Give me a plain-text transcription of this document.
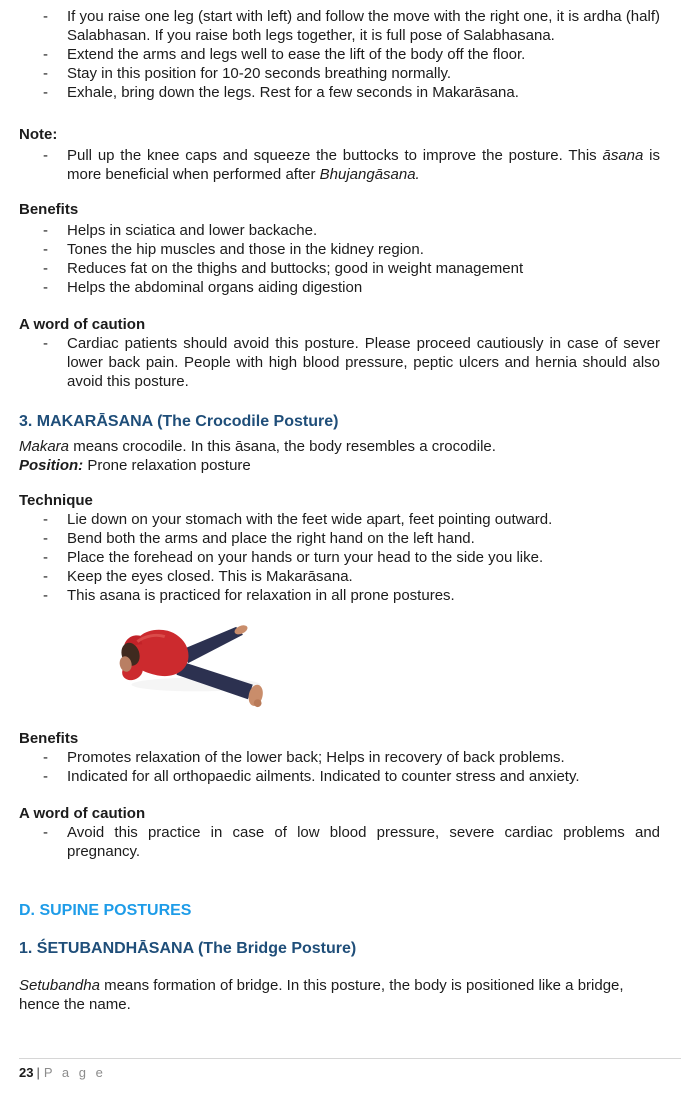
- If you raise one leg (start with left) and follow the move with the right one, it is ardha (half) Salabhasan. If you raise both legs together, it is full pose of Salabhasana.
- Extend the arms and legs well to ease the lift of the body off the floor.
- Stay in this position for 10-20 seconds breathing normally.
- Exhale, bring down the legs. Rest for a few seconds in Makarāsana.
Note:
- Pull up the knee caps and squeeze the buttocks to improve the posture. This āsana is more beneficial when performed after Bhujangāsana.
Benefits
- Helps in sciatica and lower backache.
- Tones the hip muscles and those in the kidney region.
- Reduces fat on the thighs and buttocks; good in weight management
- Helps the abdominal organs aiding digestion
A word of caution
- Cardiac patients should avoid this posture. Please proceed cautiously in case of sever lower back pain. People with high blood pressure, peptic ulcers and hernia should also avoid this posture.
3. MAKARĀSANA (The Crocodile Posture)

Makara means crocodile. In this āsana, the body resembles a crocodile.

Position: Prone relaxation posture

Technique
- Lie down on your stomach with the feet wide apart, feet pointing outward.
- Bend both the arms and place the right hand on the left hand.
- Place the forehead on your hands or turn your head to the side you like.
- Keep the eyes closed. This is Makarāsana.
- This asana is practiced for relaxation in all prone postures.
Benefits
- Promotes relaxation of the lower back; Helps in recovery of back problems.
- Indicated for all orthopaedic ailments. Indicated to counter stress and anxiety.
A word of caution
- Avoid this practice in case of low blood pressure, severe cardiac problems and pregnancy.
D. SUPINE POSTURES
1. ŚETUBANDHĀSANA (The Bridge Posture)

Setubandha means formation of bridge. In this posture, the body is positioned like a bridge, hence the name.

23 | P a g e
